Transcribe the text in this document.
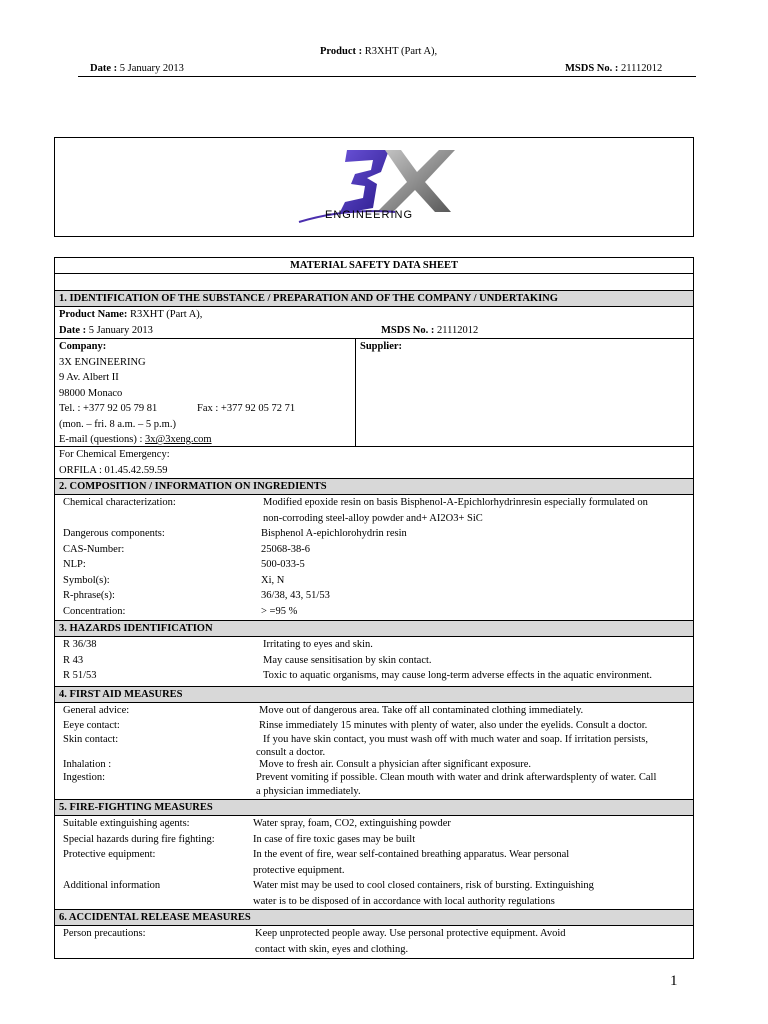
Product : R3XHT (Part A),
Date : 5 January 2013	MSDS No. : 21112012
ENGINEERING
MATERIAL SAFETY DATA SHEET
1. IDENTIFICATION OF THE SUBSTANCE / PREPARATION AND OF THE COMPANY / UNDERTAKING
Product Name: R3XHT (Part A),
Date : 5 January 2013	MSDS No. : 21112012
Company:
3X ENGINEERING
9 Av. Albert II
98000 Monaco
Tel. : +377 92 05 79 81	Fax : +377 92 05 72 71
(mon. – fri. 8 a.m. – 5 p.m.)
E-mail (questions) : 3x@3xeng.com
Supplier:
For Chemical Emergency:
ORFILA : 01.45.42.59.59
2. COMPOSITION / INFORMATION ON INGREDIENTS
Chemical characterization:	Modified epoxide resin on basis Bisphenol-A-Epichlorhydrinresin especially formulated on
non-corroding steel-alloy powder and+ AI2O3+ SiC
Dangerous components:	Bisphenol A-epichlorohydrin resin
CAS-Number:	25068-38-6
NLP:	500-033-5
Symbol(s):	Xi, N
R-phrase(s):	36/38, 43, 51/53
Concentration:	> =95 %
3. HAZARDS IDENTIFICATION
R 36/38	Irritating to eyes and skin.
R 43	May cause sensitisation by skin contact.
R 51/53	Toxic to aquatic organisms, may cause long-term adverse effects in the aquatic environment.
4. FIRST AID MEASURES
General advice:	Move out of dangerous area. Take off all contaminated clothing immediately.
Eeye contact:	Rinse immediately 15 minutes with plenty of water, also under the eyelids. Consult a doctor.
Skin contact:	If you have skin contact, you must wash off with much water and soap. If irritation persists,
consult a doctor.
Inhalation :	Move to fresh air. Consult a physician after significant exposure.
Ingestion:	Prevent vomiting if possible. Clean mouth with water and drink afterwardsplenty of water. Call
a physician immediately.
5. FIRE-FIGHTING MEASURES
Suitable extinguishing agents:	Water spray, foam, CO2, extinguishing powder
Special hazards during fire fighting:	In case of fire toxic gases may be built
Protective equipment:	In the event of fire, wear self-contained breathing apparatus. Wear personal
protective equipment.
Additional information	Water mist may be used to cool closed containers, risk of bursting. Extinguishing
water is to be disposed of in accordance with local authority regulations
6. ACCIDENTAL RELEASE MEASURES
Person precautions:	Keep unprotected people away. Use personal protective equipment. Avoid
contact with skin, eyes and clothing.
1
